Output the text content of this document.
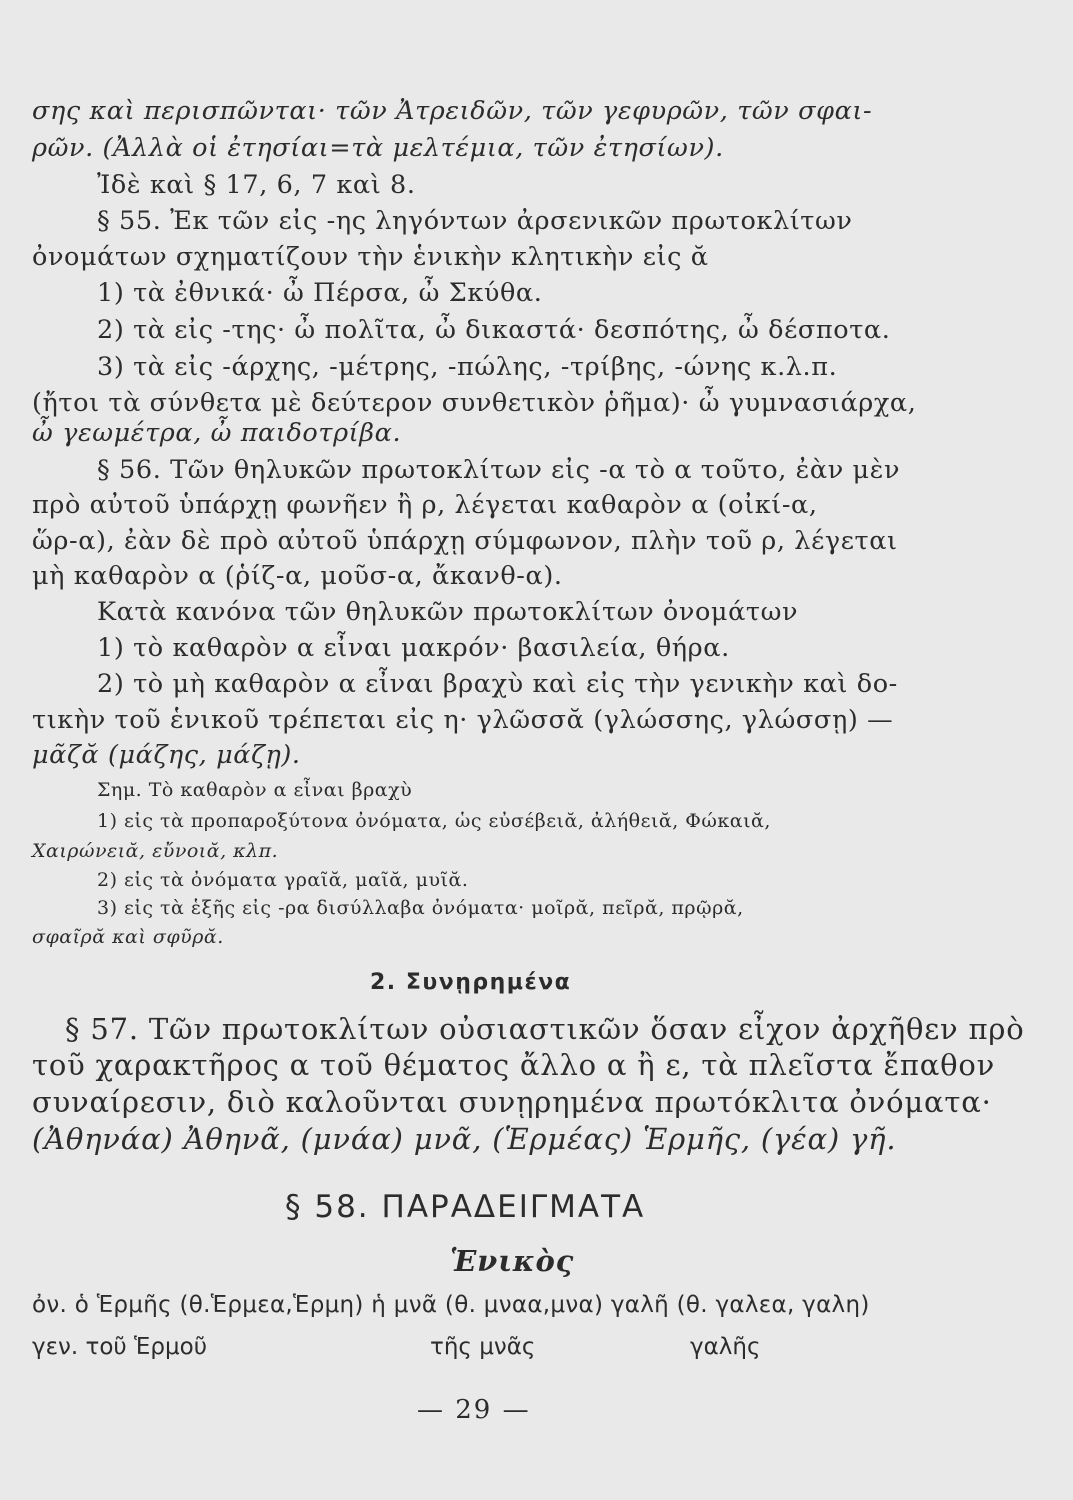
σης καὶ περισπῶνται· τῶν Ἀτρειδῶν, τῶν γεφυρῶν, τῶν σφαι-
ρῶν. (Ἀλλὰ οἱ ἐτησίαι=τὰ μελτέμια, τῶν ἐτησίων).
Ἰδὲ καὶ § 17, 6, 7 καὶ 8.
§ 55. Ἐκ τῶν εἰς -ης ληγόντων ἀρσενικῶν πρωτοκλίτων
ὀνομάτων σχηματίζουν τὴν ἑνικὴν κλητικὴν εἰς ᾰ
1) τὰ ἐθνικά· ὦ Πέρσα, ὦ Σκύθα.
2) τὰ εἰς -της· ὦ πολῖτα, ὦ δικαστά· δεσπότης, ὦ δέσποτα.
3) τὰ εἰς -άρχης, -μέτρης, -πώλης, -τρίβης, -ώνης κ.λ.π.
(ἤτοι τὰ σύνθετα μὲ δεύτερον συνθετικὸν ῥῆμα)· ὦ γυμνασιάρχα,
ὦ γεωμέτρα, ὦ παιδοτρίβα.
§ 56. Τῶν θηλυκῶν πρωτοκλίτων εἰς -α τὸ α τοῦτο, ἐὰν μὲν
πρὸ αὐτοῦ ὑπάρχῃ φωνῆεν ἢ ρ, λέγεται καθαρὸν α (οἰκί-α,
ὥρ-α), ἐὰν δὲ πρὸ αὐτοῦ ὑπάρχῃ σύμφωνον, πλὴν τοῦ ρ, λέγεται
μὴ καθαρὸν α (ῥίζ-α, μοῦσ-α, ἄκανθ-α).
Κατὰ κανόνα τῶν θηλυκῶν πρωτοκλίτων ὀνομάτων
1) τὸ καθαρὸν α εἶναι μακρόν· βασιλεία, θήρα.
2) τὸ μὴ καθαρὸν α εἶναι βραχὺ καὶ εἰς τὴν γενικὴν καὶ δο-
τικὴν τοῦ ἑνικοῦ τρέπεται εἰς η· γλῶσσᾰ (γλώσσης, γλώσσῃ) —
μᾶζᾰ (μάζης, μάζῃ).
Σημ. Τὸ καθαρὸν α εἶναι βραχὺ
1) εἰς τὰ προπαροξύτονα ὀνόματα, ὡς εὐσέβειᾰ, ἀλήθειᾰ, Φώκαιᾰ,
Χαιρώνειᾰ, εὔνοιᾰ, κλπ.
2) εἰς τὰ ὀνόματα γραῖᾰ, μαῖᾰ, μυῖᾰ.
3) εἰς τὰ ἑξῆς εἰς -ρα δισύλλαβα ὀνόματα· μοῖρᾰ, πεῖρᾰ, πρῷρᾰ,
σφαῖρᾰ καὶ σφῦρᾰ.
2. Συνῃρημένα
§ 57. Τῶν πρωτοκλίτων οὐσιαστικῶν ὅσαν εἶχον ἀρχῆθεν πρὸ
τοῦ χαρακτῆρος α τοῦ θέματος ἄλλο α ἢ ε, τὰ πλεῖστα ἔπαθον
συναίρεσιν, διὸ καλοῦνται συνῃρημένα πρωτόκλιτα ὀνόματα·
(Ἀθηνάα) Ἀθηνᾶ, (μνάα) μνᾶ, (Ἑρμέας) Ἑρμῆς, (γέα) γῆ.
§ 58. ΠΑΡΑΔΕΙΓΜΑΤΑ
Ἑνικὸς
ὀν. ὁ Ἑρμῆς (θ.Ἑρμεα,Ἑρμη) ἡ μνᾶ (θ. μναα,μνα) γαλῆ (θ. γαλεα, γαλη)
γεν. τοῦ Ἑρμοῦ	τῆς μνᾶς	γαλῆς
— 29 —
